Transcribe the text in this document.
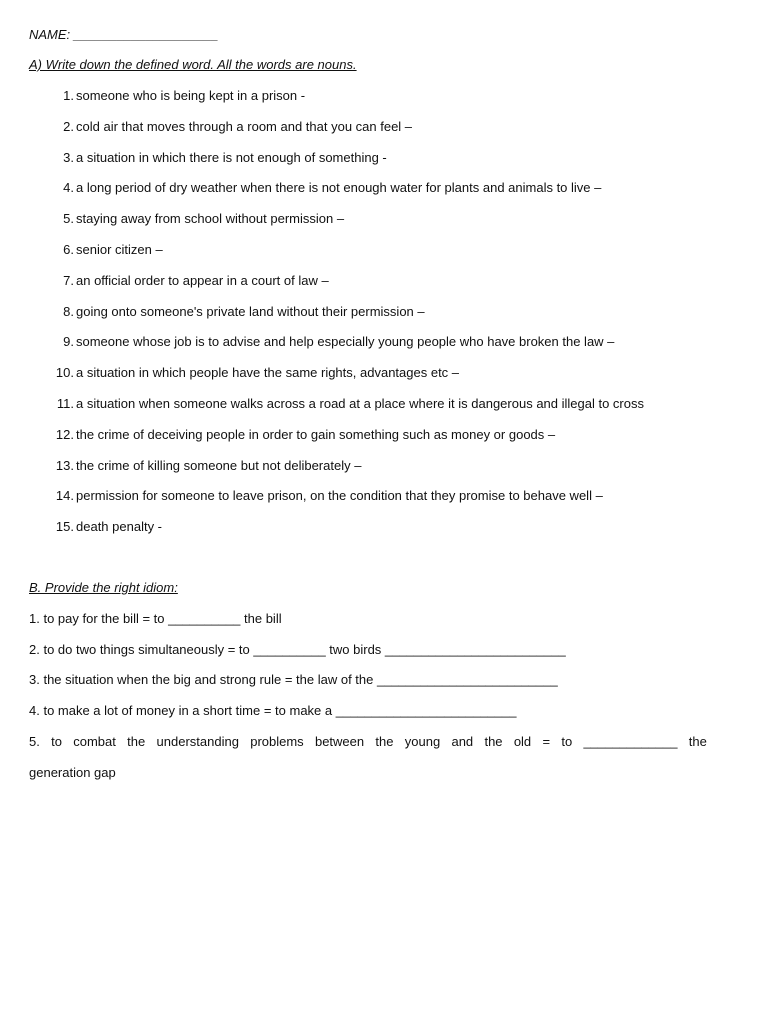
NAME: ____________________
A) Write down the defined word. All the words are nouns.
1. someone who is being kept in a prison -
2. cold air that moves through a room and that you can feel –
3. a situation in which there is not enough of something -
4. a long period of dry weather when there is not enough water for plants and animals to live –
5. staying away from school without permission –
6. senior citizen –
7. an official order to appear in a court of law –
8. going onto someone's private land without their permission –
9. someone whose job is to advise and help especially young people who have broken the law –
10. a situation in which people have the same rights, advantages etc –
11. a situation when someone walks across a road at a place where it is dangerous and illegal to cross
12. the crime of deceiving people in order to gain something such as money or goods –
13. the crime of killing someone but not deliberately –
14. permission for someone to leave prison, on the condition that they promise to behave well –
15. death penalty -
B. Provide the right idiom:
1. to pay for the bill = to __________ the bill
2. to do two things simultaneously = to __________ two birds _________________________
3. the situation when the big and strong rule = the law of the _________________________
4. to make a lot of money in a short time = to make a _________________________
5. to combat the understanding problems between the young and the old = to _____________ the
generation gap
